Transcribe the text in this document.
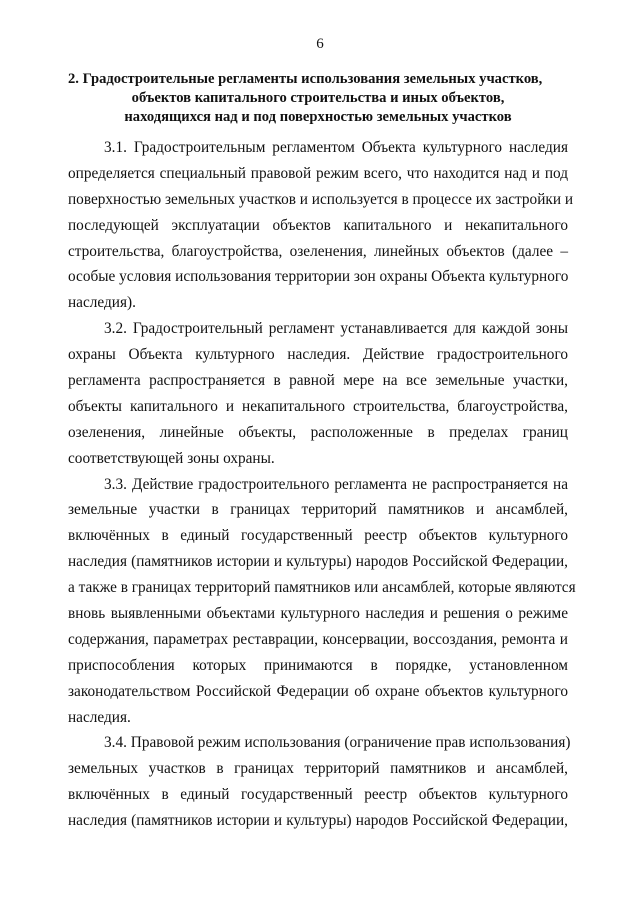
6
2. Градостроительные регламенты использования земельных участков,
объектов капитального строительства и иных объектов,
находящихся над и под поверхностью земельных участков
3.1. Градостроительным регламентом Объекта культурного наследия
определяется специальный правовой режим всего, что находится над и под
поверхностью земельных участков и используется в процессе их застройки и
последующей эксплуатации объектов капитального и некапитального
строительства, благоустройства, озеленения, линейных объектов (далее –
особые условия использования территории зон охраны Объекта культурного
наследия).
3.2. Градостроительный регламент устанавливается для каждой зоны
охраны Объекта культурного наследия. Действие градостроительного
регламента распространяется в равной мере на все земельные участки,
объекты капитального и некапитального строительства, благоустройства,
озеленения, линейные объекты, расположенные в пределах границ
соответствующей зоны охраны.
3.3. Действие градостроительного регламента не распространяется на
земельные участки в границах территорий памятников и ансамблей,
включённых в единый государственный реестр объектов культурного
наследия (памятников истории и культуры) народов Российской Федерации,
а также в границах территорий памятников или ансамблей, которые являются
вновь выявленными объектами культурного наследия и решения о режиме
содержания, параметрах реставрации, консервации, воссоздания, ремонта и
приспособления которых принимаются в порядке, установленном
законодательством Российской Федерации об охране объектов культурного
наследия.
3.4. Правовой режим использования (ограничение прав использования)
земельных участков в границах территорий памятников и ансамблей,
включённых в единый государственный реестр объектов культурного
наследия (памятников истории и культуры) народов Российской Федерации,
